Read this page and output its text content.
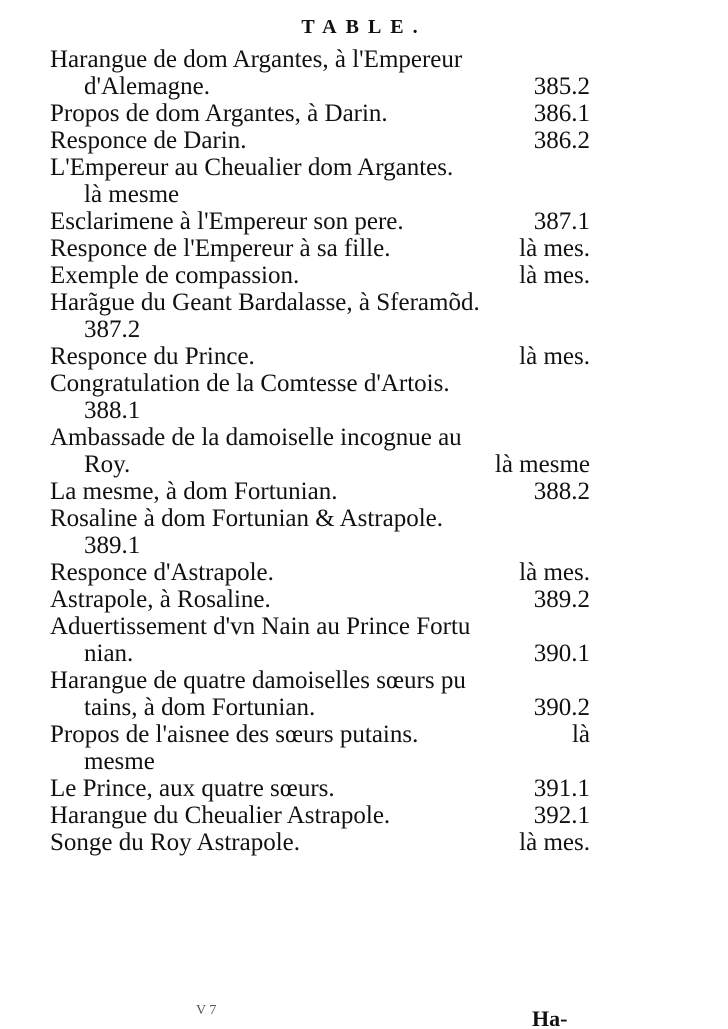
TABLE.
Harangue de dom Argantes, à l'Empereur
d'Alemagne.	385.2
Propos de dom Argantes, à Darin.	386.1
Responce de Darin.	386.2
L'Empereur au Cheualier dom Argantes.
là mesme
Esclarimene à l'Empereur son pere.	387.1
Responce de l'Empereur à sa fille.	là mes.
Exemple de compassion.	là mes.
Harãgue du Geant Bardalasse, à Sferamõd.
387.2
Responce du Prince.	là mes.
Congratulation de la Comtesse d'Artois.
388.1
Ambassade de la damoiselle incognue au
Roy.	là mesme
La mesme, à dom Fortunian.	388.2
Rosaline à dom Fortunian & Astrapole.
389.1
Responce d'Astrapole.	là mes.
Astrapole, à Rosaline.	389.2
Aduertissement d'vn Nain au Prince Fortu
nian.	390.1
Harangue de quatre damoiselles sœurs pu
tains, à dom Fortunian.	390.2
Propos de l'aisnee des sœurs putains.	là
mesme
Le Prince, aux quatre sœurs.	391.1
Harangue du Cheualier Astrapole.	392.1
Songe du Roy Astrapole.	là mes.
V 7	Ha-
